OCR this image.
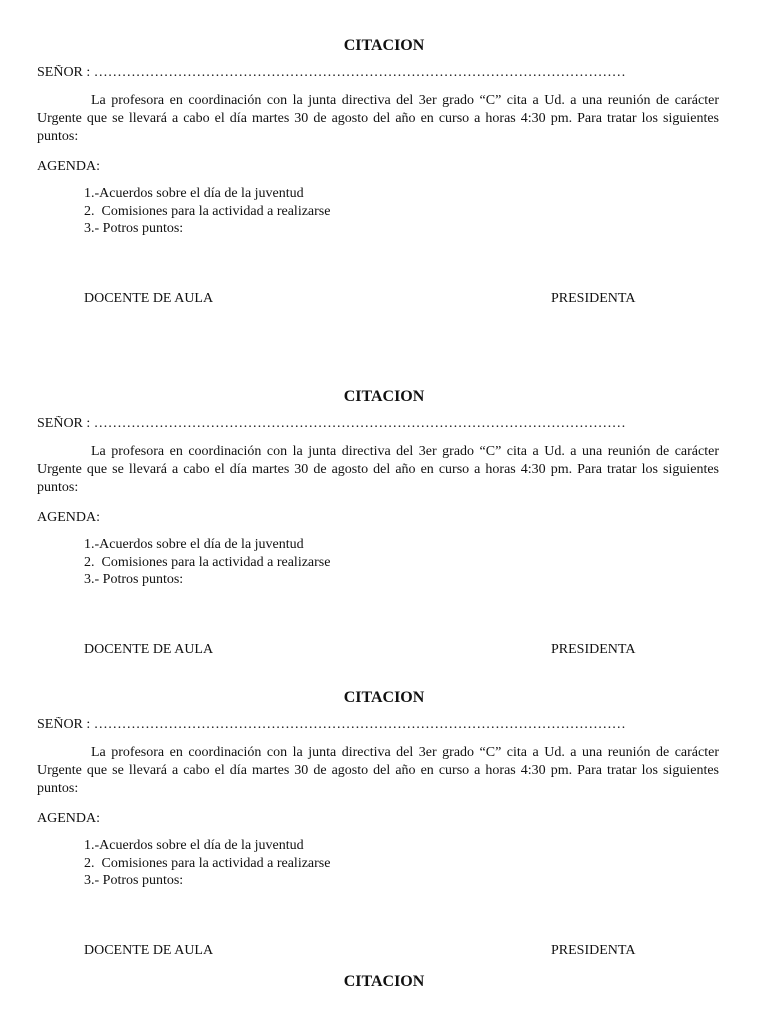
CITACION
SEÑOR : ……………………………………………………………………………………………………
La profesora en coordinación con la junta directiva del 3er grado “C” cita a Ud. a una reunión de carácter Urgente que se llevará a cabo el día martes 30 de agosto del año en curso a horas 4:30 pm. Para tratar los siguientes puntos:
AGENDA:
1.-Acuerdos sobre el día de la juventud
2.  Comisiones para la actividad a realizarse
3.- Potros puntos:
DOCENTE DE AULA	PRESIDENTA
CITACION
SEÑOR : ……………………………………………………………………………………………………
La profesora en coordinación con la junta directiva del 3er grado “C” cita a Ud. a una reunión de carácter Urgente que se llevará a cabo el día martes 30 de agosto del año en curso a horas 4:30 pm. Para tratar los siguientes puntos:
AGENDA:
1.-Acuerdos sobre el día de la juventud
2.  Comisiones para la actividad a realizarse
3.- Potros puntos:
DOCENTE DE AULA	PRESIDENTA
CITACION
SEÑOR : ……………………………………………………………………………………………………
La profesora en coordinación con la junta directiva del 3er grado “C” cita a Ud. a una reunión de carácter Urgente que se llevará a cabo el día martes 30 de agosto del año en curso a horas 4:30 pm. Para tratar los siguientes puntos:
AGENDA:
1.-Acuerdos sobre el día de la juventud
2.  Comisiones para la actividad a realizarse
3.- Potros puntos:
DOCENTE DE AULA	PRESIDENTA
CITACION
